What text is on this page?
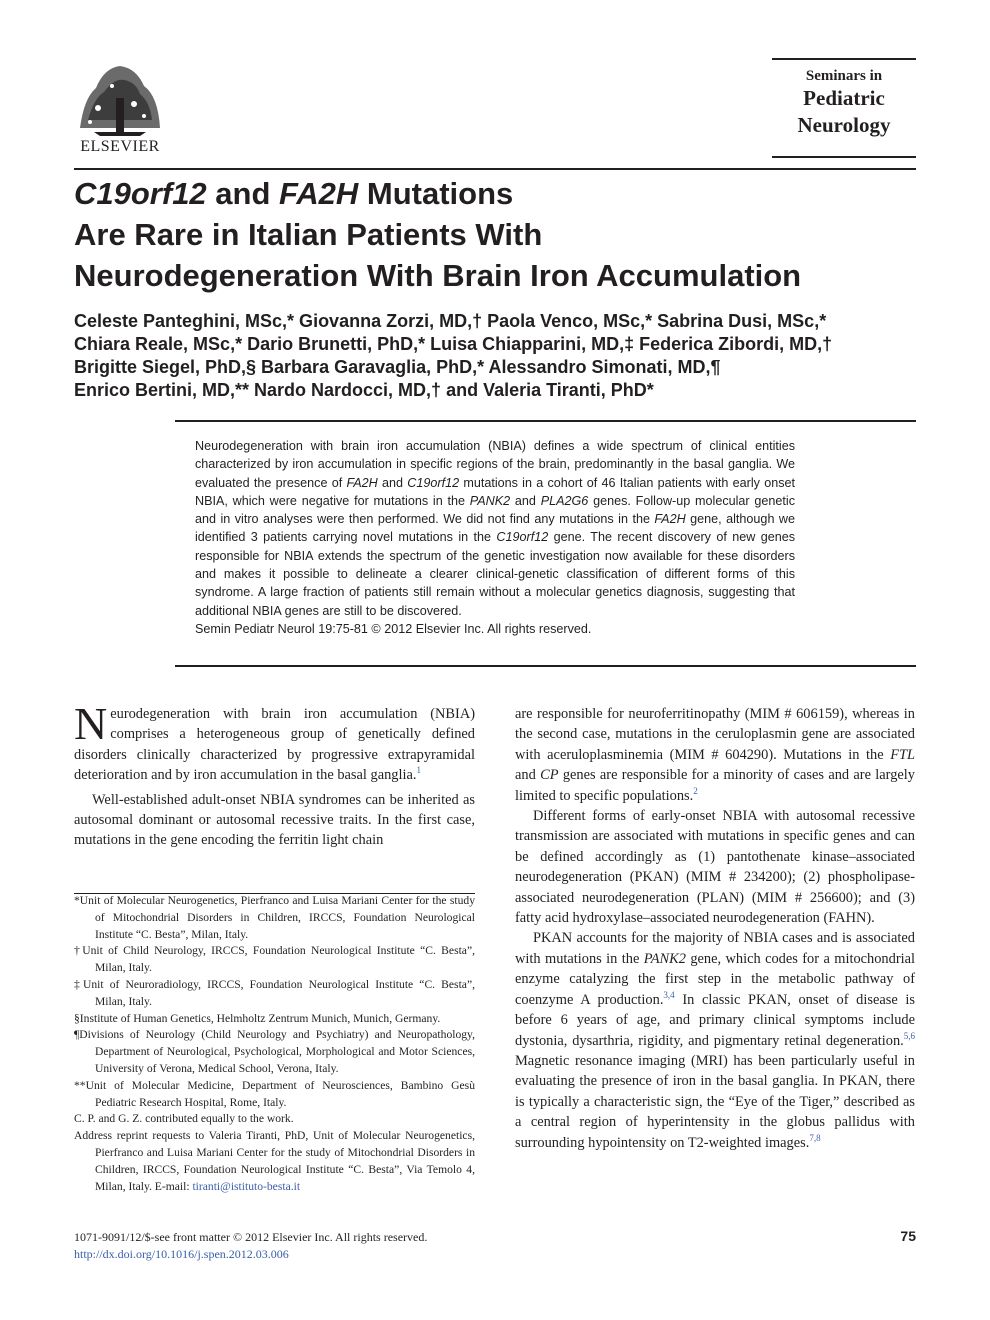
ELSEVIER
Seminars in
Pediatric
Neurology
C19orf12 and FA2H Mutations
Are Rare in Italian Patients With
Neurodegeneration With Brain Iron Accumulation
Celeste Panteghini, MSc,* Giovanna Zorzi, MD,† Paola Venco, MSc,* Sabrina Dusi, MSc,*
Chiara Reale, MSc,* Dario Brunetti, PhD,* Luisa Chiapparini, MD,‡ Federica Zibordi, MD,†
Brigitte Siegel, PhD,§ Barbara Garavaglia, PhD,* Alessandro Simonati, MD,¶
Enrico Bertini, MD,** Nardo Nardocci, MD,† and Valeria Tiranti, PhD*
Neurodegeneration with brain iron accumulation (NBIA) defines a wide spectrum of clinical entities characterized by iron accumulation in specific regions of the brain, predominantly in the basal ganglia. We evaluated the presence of FA2H and C19orf12 mutations in a cohort of 46 Italian patients with early onset NBIA, which were negative for mutations in the PANK2 and PLA2G6 genes. Follow-up molecular genetic and in vitro analyses were then performed. We did not find any mutations in the FA2H gene, although we identified 3 patients carrying novel mutations in the C19orf12 gene. The recent discovery of new genes responsible for NBIA extends the spectrum of the genetic investigation now available for these disorders and makes it possible to delineate a clearer clinical-genetic classification of different forms of this syndrome. A large fraction of patients still remain without a molecular genetics diagnosis, suggesting that additional NBIA genes are still to be discovered.
Semin Pediatr Neurol 19:75-81 © 2012 Elsevier Inc. All rights reserved.

Neurodegeneration with brain iron accumulation (NBIA) comprises a heterogeneous group of genetically defined disorders clinically characterized by progressive extrapyramidal deterioration and by iron accumulation in the basal ganglia.$^1$

Well-established adult-onset NBIA syndromes can be inherited as autosomal dominant or autosomal recessive traits. In the first case, mutations in the gene encoding the ferritin light chain

*Unit of Molecular Neurogenetics, Pierfranco and Luisa Mariani Center for the study of Mitochondrial Disorders in Children, IRCCS, Foundation Neurological Institute “C. Besta”, Milan, Italy.
†Unit of Child Neurology, IRCCS, Foundation Neurological Institute “C. Besta”, Milan, Italy.
‡Unit of Neuroradiology, IRCCS, Foundation Neurological Institute “C. Besta”, Milan, Italy.
§Institute of Human Genetics, Helmholtz Zentrum Munich, Munich, Germany.
¶Divisions of Neurology (Child Neurology and Psychiatry) and Neuropathology, Department of Neurological, Psychological, Morphological and Motor Sciences, University of Verona, Medical School, Verona, Italy.
**Unit of Molecular Medicine, Department of Neurosciences, Bambino Gesù Pediatric Research Hospital, Rome, Italy.
C. P. and G. Z. contributed equally to the work.
Address reprint requests to Valeria Tiranti, PhD, Unit of Molecular Neurogenetics, Pierfranco and Luisa Mariani Center for the study of Mitochondrial Disorders in Children, IRCCS, Foundation Neurological Institute “C. Besta”, Via Temolo 4, Milan, Italy. E-mail: tiranti@istituto-besta.it

are responsible for neuroferritinopathy (MIM # 606159), whereas in the second case, mutations in the ceruloplasmin gene are associated with aceruloplasminemia (MIM # 604290). Mutations in the FTL and CP genes are responsible for a minority of cases and are largely limited to specific populations.$^2$

Different forms of early-onset NBIA with autosomal recessive transmission are associated with mutations in specific genes and can be defined accordingly as (1) pantothenate kinase–associated neurodegeneration (PKAN) (MIM # 234200); (2) phospholipase-associated neurodegeneration (PLAN) (MIM # 256600); and (3) fatty acid hydroxylase–associated neurodegeneration (FAHN).

PKAN accounts for the majority of NBIA cases and is associated with mutations in the PANK2 gene, which codes for a mitochondrial enzyme catalyzing the first step in the metabolic pathway of coenzyme A production.$^{3,4}$ In classic PKAN, onset of disease is before 6 years of age, and primary clinical symptoms include dystonia, dysarthria, rigidity, and pigmentary retinal degeneration.$^{5,6}$ Magnetic resonance imaging (MRI) has been particularly useful in evaluating the presence of iron in the basal ganglia. In PKAN, there is typically a characteristic sign, the “Eye of the Tiger,” described as a central region of hyperintensity in the globus pallidus with surrounding hypointensity on T2-weighted images.$^{7,8}$

1071-9091/12/$-see front matter © 2012 Elsevier Inc. All rights reserved.
http://dx.doi.org/10.1016/j.spen.2012.03.006
75
